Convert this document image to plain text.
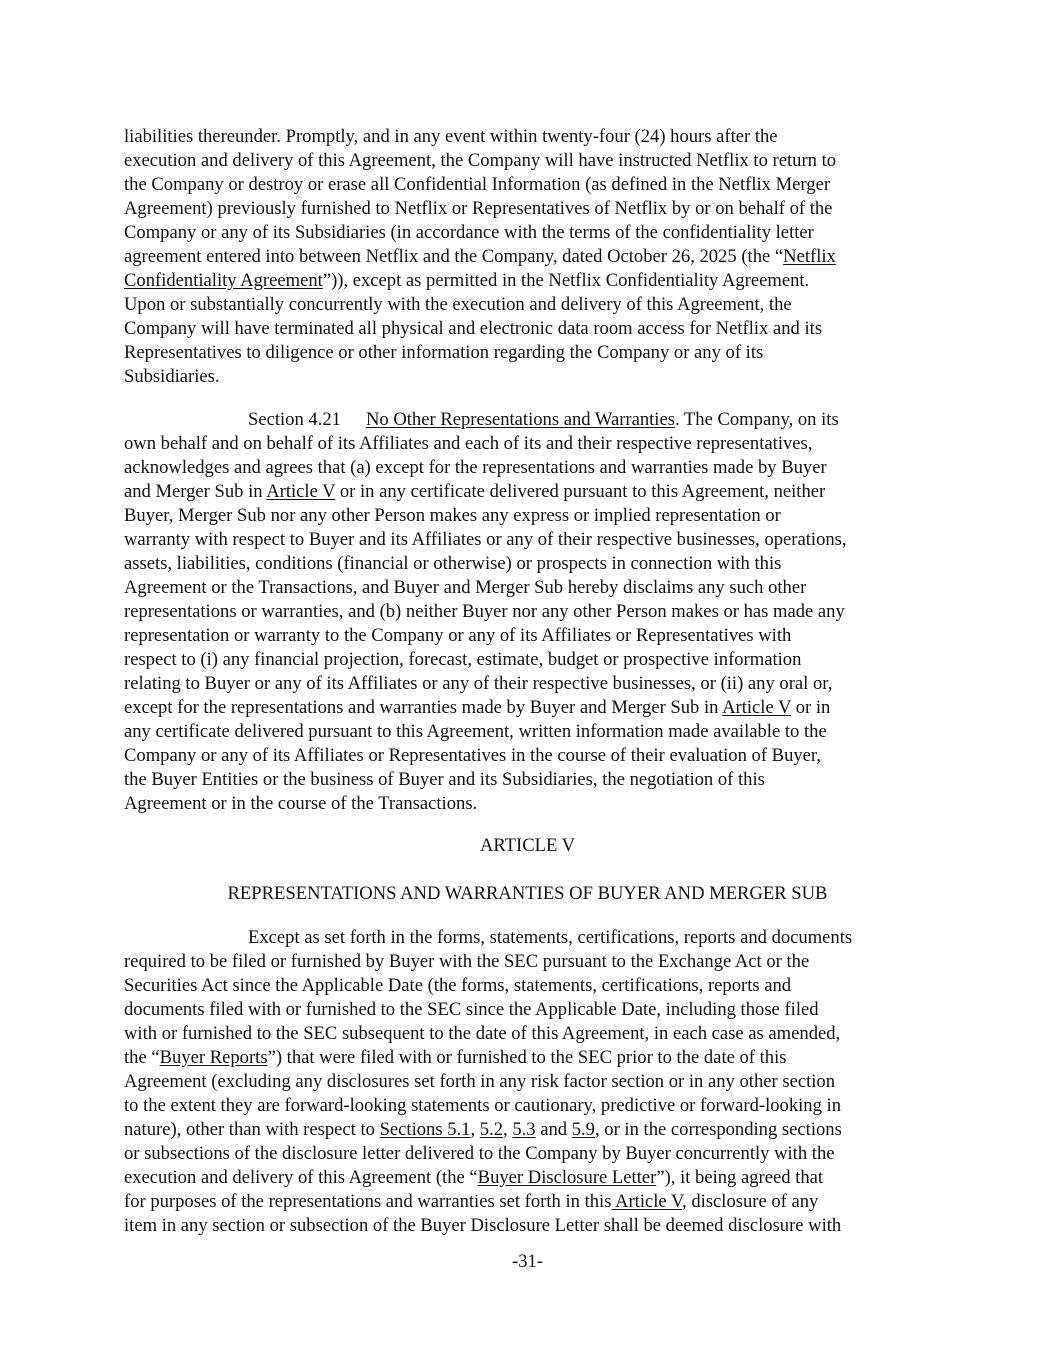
liabilities thereunder. Promptly, and in any event within twenty-four (24) hours after the
execution and delivery of this Agreement, the Company will have instructed Netflix to return to
the Company or destroy or erase all Confidential Information (as defined in the Netflix Merger
Agreement) previously furnished to Netflix or Representatives of Netflix by or on behalf of the
Company or any of its Subsidiaries (in accordance with the terms of the confidentiality letter
agreement entered into between Netflix and the Company, dated October 26, 2025 (the “Netflix
Confidentiality Agreement”)), except as permitted in the Netflix Confidentiality Agreement.
Upon or substantially concurrently with the execution and delivery of this Agreement, the
Company will have terminated all physical and electronic data room access for Netflix and its
Representatives to diligence or other information regarding the Company or any of its
Subsidiaries.
Section 4.21 No Other Representations and Warranties. The Company, on its
own behalf and on behalf of its Affiliates and each of its and their respective representatives,
acknowledges and agrees that (a) except for the representations and warranties made by Buyer
and Merger Sub in Article V or in any certificate delivered pursuant to this Agreement, neither
Buyer, Merger Sub nor any other Person makes any express or implied representation or
warranty with respect to Buyer and its Affiliates or any of their respective businesses, operations,
assets, liabilities, conditions (financial or otherwise) or prospects in connection with this
Agreement or the Transactions, and Buyer and Merger Sub hereby disclaims any such other
representations or warranties, and (b) neither Buyer nor any other Person makes or has made any
representation or warranty to the Company or any of its Affiliates or Representatives with
respect to (i) any financial projection, forecast, estimate, budget or prospective information
relating to Buyer or any of its Affiliates or any of their respective businesses, or (ii) any oral or,
except for the representations and warranties made by Buyer and Merger Sub in Article V or in
any certificate delivered pursuant to this Agreement, written information made available to the
Company or any of its Affiliates or Representatives in the course of their evaluation of Buyer,
the Buyer Entities or the business of Buyer and its Subsidiaries, the negotiation of this
Agreement or in the course of the Transactions.
ARTICLE V
REPRESENTATIONS AND WARRANTIES OF BUYER AND MERGER SUB
Except as set forth in the forms, statements, certifications, reports and documents
required to be filed or furnished by Buyer with the SEC pursuant to the Exchange Act or the
Securities Act since the Applicable Date (the forms, statements, certifications, reports and
documents filed with or furnished to the SEC since the Applicable Date, including those filed
with or furnished to the SEC subsequent to the date of this Agreement, in each case as amended,
the “Buyer Reports”) that were filed with or furnished to the SEC prior to the date of this
Agreement (excluding any disclosures set forth in any risk factor section or in any other section
to the extent they are forward-looking statements or cautionary, predictive or forward-looking in
nature), other than with respect to Sections 5.1, 5.2, 5.3 and 5.9, or in the corresponding sections
or subsections of the disclosure letter delivered to the Company by Buyer concurrently with the
execution and delivery of this Agreement (the “Buyer Disclosure Letter”), it being agreed that
for purposes of the representations and warranties set forth in this Article V, disclosure of any
item in any section or subsection of the Buyer Disclosure Letter shall be deemed disclosure with
-31-
